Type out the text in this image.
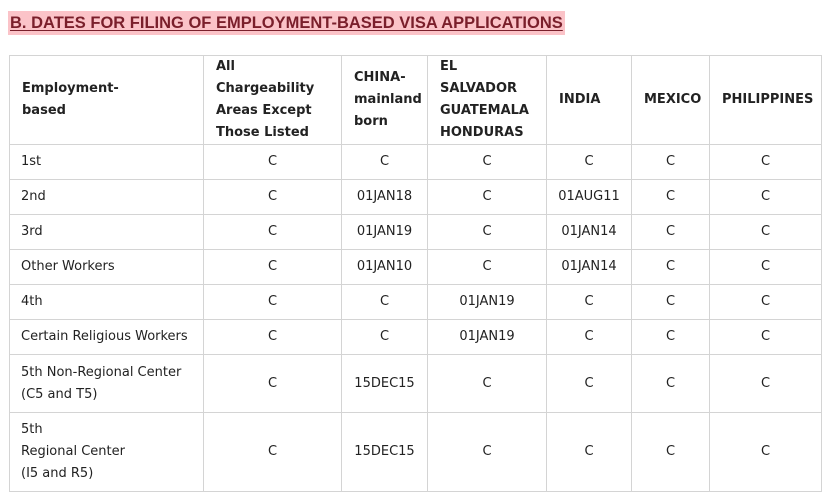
B. DATES FOR FILING OF EMPLOYMENT-BASED VISA APPLICATIONS
Employment-
based	All Chargeability
Areas Except
Those Listed	CHINA-
mainland
born	EL SALVADOR
GUATEMALA
HONDURAS	INDIA	MEXICO	PHILIPPINES
1st	C	C	C	C	C	C
2nd	C	01JAN18	C	01AUG11	C	C
3rd	C	01JAN19	C	01JAN14	C	C
Other Workers	C	01JAN10	C	01JAN14	C	C
4th	C	C	01JAN19	C	C	C
Certain Religious Workers	C	C	01JAN19	C	C	C
5th Non-Regional Center
(C5 and T5)	C	15DEC15	C	C	C	C
5th
Regional Center
(I5 and R5)	C	15DEC15	C	C	C	C
